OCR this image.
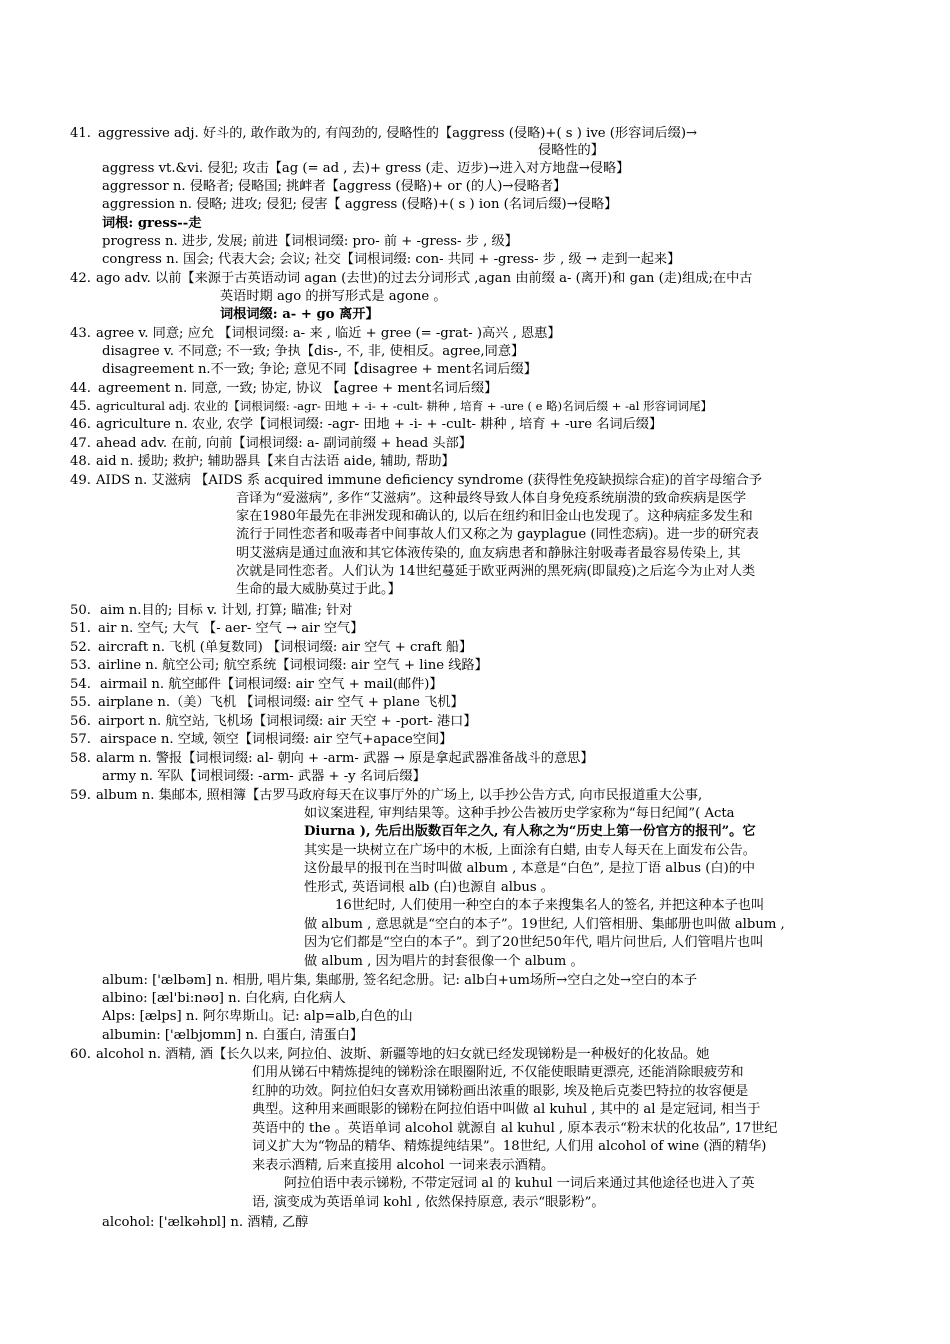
41. aggressive adj. 好斗的, 敢作敢为的, 有闯劲的, 侵略性的【aggress (侵略)+( s ) ive (形容词后缀)→
侵略性的】
aggress vt.&vi. 侵犯; 攻击【ag (= ad , 去)+ gress (走、迈步)→进入对方地盘→侵略】
aggressor n. 侵略者; 侵略国; 挑衅者【aggress (侵略)+ or (的人)→侵略者】
aggression n. 侵略; 进攻; 侵犯; 侵害【 aggress (侵略)+( s ) ion (名词后缀)→侵略】
词根: gress--走
progress n. 进步, 发展; 前进【词根词缀: pro- 前 + -gress- 步 , 级】
congress n. 国会; 代表大会; 会议; 社交【词根词缀: con- 共同 + -gress- 步 , 级 → 走到一起来】
42. ago adv. 以前【来源于古英语动词 agan (去世)的过去分词形式 ,agan 由前缀 a- (离开)和 gan (走)组成;在中古
英语时期 ago 的拼写形式是 agone 。
词根词缀: a- + go 离开】
43. agree v. 同意; 应允 【词根词缀: a- 来 , 临近 + gree (= -grat- )高兴 , 恩惠】
disagree v. 不同意; 不一致; 争执【dis-, 不, 非, 使相反。agree,同意】
disagreement n.不一致; 争论; 意见不同【disagree + ment名词后缀】
44. agreement n. 同意, 一致; 协定, 协议 【agree + ment名词后缀】
45. agricultural adj. 农业的【词根词缀: -agr- 田地 + -i- + -cult- 耕种 , 培育 + -ure ( e 略)名词后缀 + -al 形容词词尾】
46. agriculture n. 农业, 农学【词根词缀: -agr- 田地 + -i- + -cult- 耕种 , 培育 + -ure 名词后缀】
47. ahead adv. 在前, 向前【词根词缀: a- 副词前缀 + head 头部】
48. aid n. 援助; 救护; 辅助器具【来自古法语 aide, 辅助, 帮助】
49. AIDS n. 艾滋病 【AIDS 系 acquired immune deficiency syndrome (获得性免疫缺损综合症)的首字母缩合予
音译为“爱滋病”, 多作“艾滋病”。这种最终导致人体自身免疫系统崩溃的致命疾病是医学
家在1980年最先在非洲发现和确认的, 以后在纽约和旧金山也发现了。这种病症多发生和
流行于同性恋者和吸毒者中间事故人们又称之为 gayplague (同性恋病)。进一步的研究表
明艾滋病是通过血液和其它体液传染的, 血友病患者和静脉注射吸毒者最容易传染上, 其
次就是同性恋者。人们认为 14世纪蔓延于欧亚两洲的黑死病(即鼠疫)之后迄今为止对人类
生命的最大威胁莫过于此。】
50. aim n.目的; 目标 v. 计划, 打算; 瞄准; 针对
51. air n. 空气; 大气 【- aer- 空气 → air 空气】
52. aircraft n. 飞机 (单复数同) 【词根词缀: air 空气 + craft 船】
53. airline n. 航空公司; 航空系统【词根词缀: air 空气 + line 线路】
54. airmail n. 航空邮件【词根词缀: air 空气 + mail(邮件)】
55. airplane n.（美）飞机 【词根词缀: air 空气 + plane 飞机】
56. airport n. 航空站, 飞机场【词根词缀: air 天空 + -port- 港口】
57. airspace n. 空域, 领空【词根词缀: air 空气+apace空间】
58. alarm n. 警报【词根词缀: al- 朝向 + -arm- 武器 → 原是拿起武器准备战斗的意思】
army n. 军队【词根词缀: -arm- 武器 + -y 名词后缀】
59. album n. 集邮本, 照相簿【古罗马政府每天在议事厅外的广场上, 以手抄公告方式, 向市民报道重大公事,
如议案进程, 审判结果等。这种手抄公告被历史学家称为“每日纪闻”( Acta
Diurna ), 先后出版数百年之久, 有人称之为“历史上第一份官方的报刊”。它
其实是一块树立在广场中的木板, 上面涂有白蜡, 由专人每天在上面发布公告。
这份最早的报刊在当时叫做 album , 本意是“白色”, 是拉丁语 albus (白)的中
性形式, 英语词根 alb (白)也源自 albus 。
16世纪时, 人们使用一种空白的本子来搜集名人的签名, 并把这种本子也叫
做 album , 意思就是“空白的本子”。19世纪, 人们管相册、集邮册也叫做 album ,
因为它们都是“空白的本子”。到了20世纪50年代, 唱片问世后, 人们管唱片也叫
做 album , 因为唱片的封套很像一个 album 。
album: ['ælbəm] n. 相册, 唱片集, 集邮册, 签名纪念册。记: alb白+um场所→空白之处→空白的本子
albino: [æl'bi:nəʊ] n. 白化病, 白化病人
Alps: [ælps] n. 阿尔卑斯山。记: alp=alb,白色的山
albumin: ['ælbjʊmɪn] n. 白蛋白, 清蛋白】
60. alcohol n. 酒精, 酒【长久以来, 阿拉伯、波斯、新疆等地的妇女就已经发现锑粉是一种极好的化妆品。她
们用从锑石中精炼提纯的锑粉涂在眼圈附近, 不仅能使眼睛更漂亮, 还能消除眼疲劳和
红肿的功效。阿拉伯妇女喜欢用锑粉画出浓重的眼影, 埃及艳后克娄巴特拉的妆容便是
典型。这种用来画眼影的锑粉在阿拉伯语中叫做 al kuhul , 其中的 al 是定冠词, 相当于
英语中的 the 。英语单词 alcohol 就源自 al kuhul , 原本表示“粉末状的化妆品”, 17世纪
词义扩大为“物品的精华、精炼提纯结果”。18世纪, 人们用 alcohol of wine (酒的精华)
来表示酒精, 后来直接用 alcohol 一词来表示酒精。
阿拉伯语中表示锑粉, 不带定冠词 al 的 kuhul 一词后来通过其他途径也进入了英
语, 演变成为英语单词 kohl , 依然保持原意, 表示“眼影粉”。
alcohol: ['ælkəhɒl] n. 酒精, 乙醇
